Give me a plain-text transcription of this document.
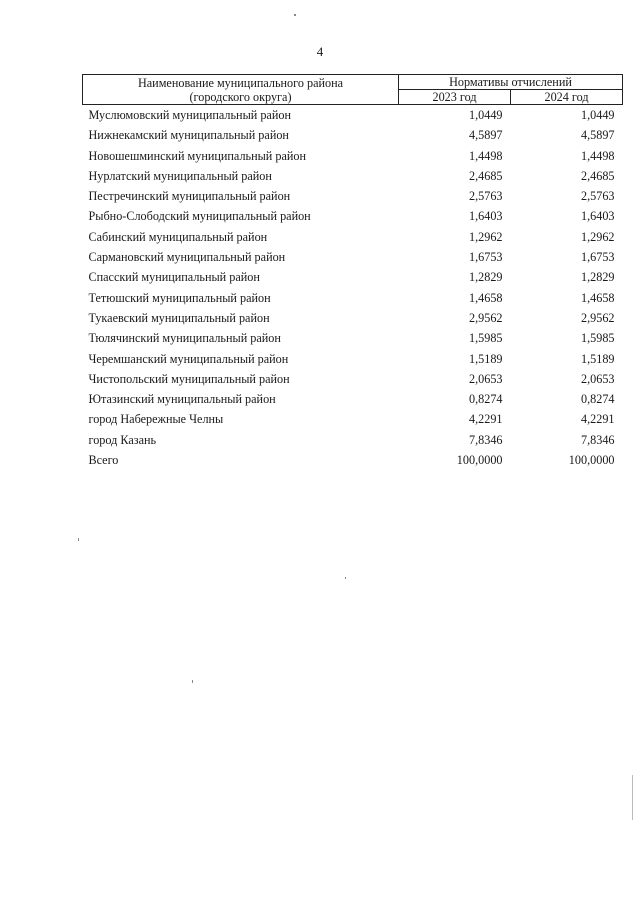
4
Наименование муниципального района
(городского округа)	Нормативы отчислений	
	2023 год	2024 год
Муслюмовский муниципальный район	1,0449	1,0449
Нижнекамский муниципальный район	4,5897	4,5897
Новошешминский муниципальный район	1,4498	1,4498
Нурлатский муниципальный район	2,4685	2,4685
Пестречинский муниципальный район	2,5763	2,5763
Рыбно-Слободский муниципальный район	1,6403	1,6403
Сабинский муниципальный район	1,2962	1,2962
Сармановский муниципальный район	1,6753	1,6753
Спасский муниципальный район	1,2829	1,2829
Тетюшский муниципальный район	1,4658	1,4658
Тукаевский муниципальный район	2,9562	2,9562
Тюлячинский муниципальный район	1,5985	1,5985
Черемшанский муниципальный район	1,5189	1,5189
Чистопольский муниципальный район	2,0653	2,0653
Ютазинский муниципальный район	0,8274	0,8274
город Набережные Челны	4,2291	4,2291
город Казань	7,8346	7,8346
Всего	100,0000	100,0000
